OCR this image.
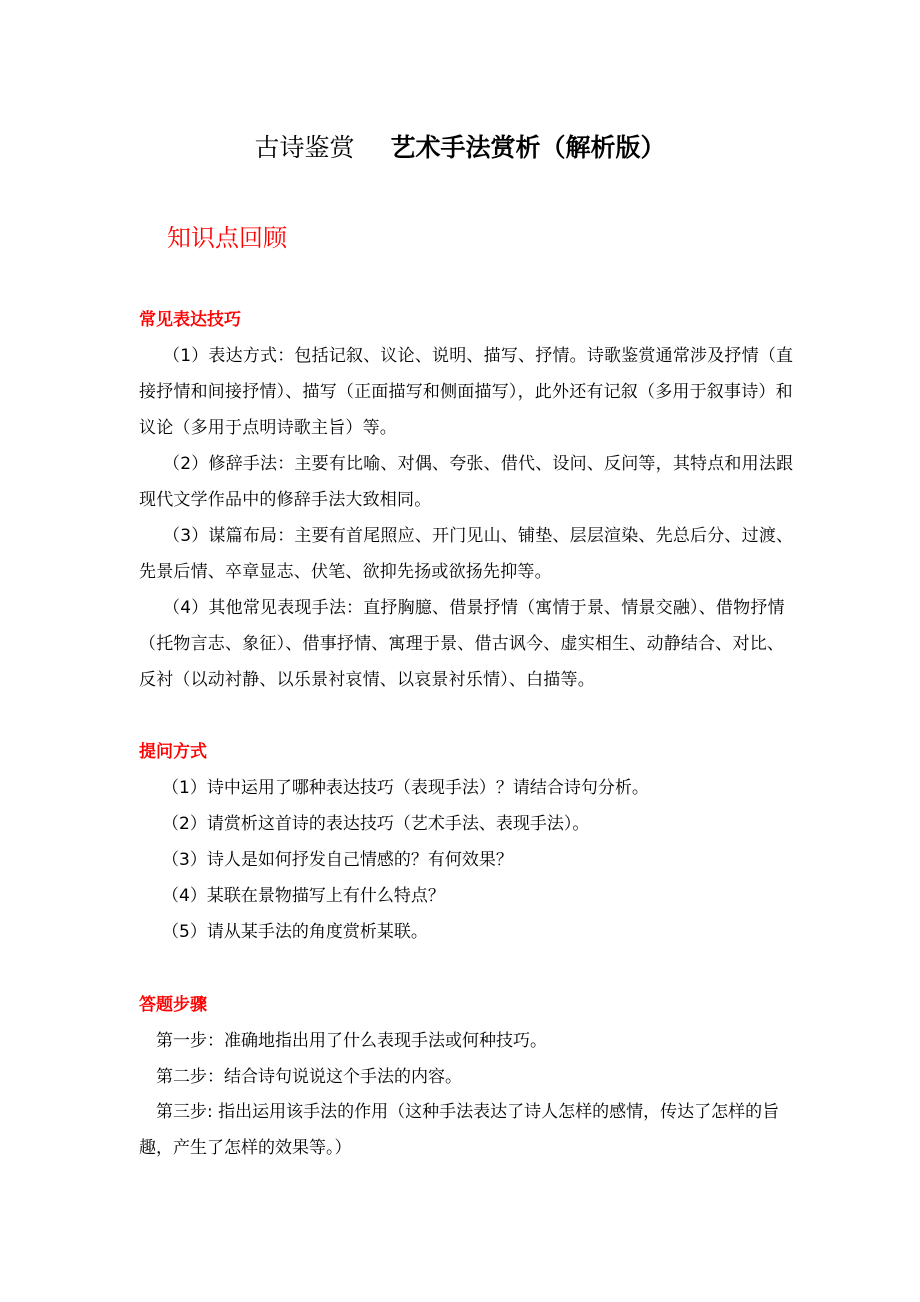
古诗鉴赏 艺术手法赏析（解析版）
知识点回顾
常见表达技巧

（1）表达方式：包括记叙、议论、说明、描写、抒情。诗歌鉴赏通常涉及抒情（直接抒情和间接抒情）、描写（正面描写和侧面描写），此外还有记叙（多用于叙事诗）和议论（多用于点明诗歌主旨）等。

（2）修辞手法：主要有比喻、对偶、夸张、借代、设问、反问等，其特点和用法跟现代文学作品中的修辞手法大致相同。

（3）谋篇布局：主要有首尾照应、开门见山、铺垫、层层渲染、先总后分、过渡、先景后情、卒章显志、伏笔、欲抑先扬或欲扬先抑等。

（4）其他常见表现手法：直抒胸臆、借景抒情（寓情于景、情景交融）、借物抒情（托物言志、象征）、借事抒情、寓理于景、借古讽今、虚实相生、动静结合、对比、反衬（以动衬静、以乐景衬哀情、以哀景衬乐情）、白描等。

提问方式

（1）诗中运用了哪种表达技巧（表现手法）？请结合诗句分析。

（2）请赏析这首诗的表达技巧（艺术手法、表现手法）。

（3）诗人是如何抒发自己情感的？有何效果？

（4）某联在景物描写上有什么特点？

（5）请从某手法的角度赏析某联。

答题步骤

第一步：准确地指出用了什么表现手法或何种技巧。

第二步：结合诗句说说这个手法的内容。

第三步: 指出运用该手法的作用（这种手法表达了诗人怎样的感情，传达了怎样的旨趣，产生了怎样的效果等。）
